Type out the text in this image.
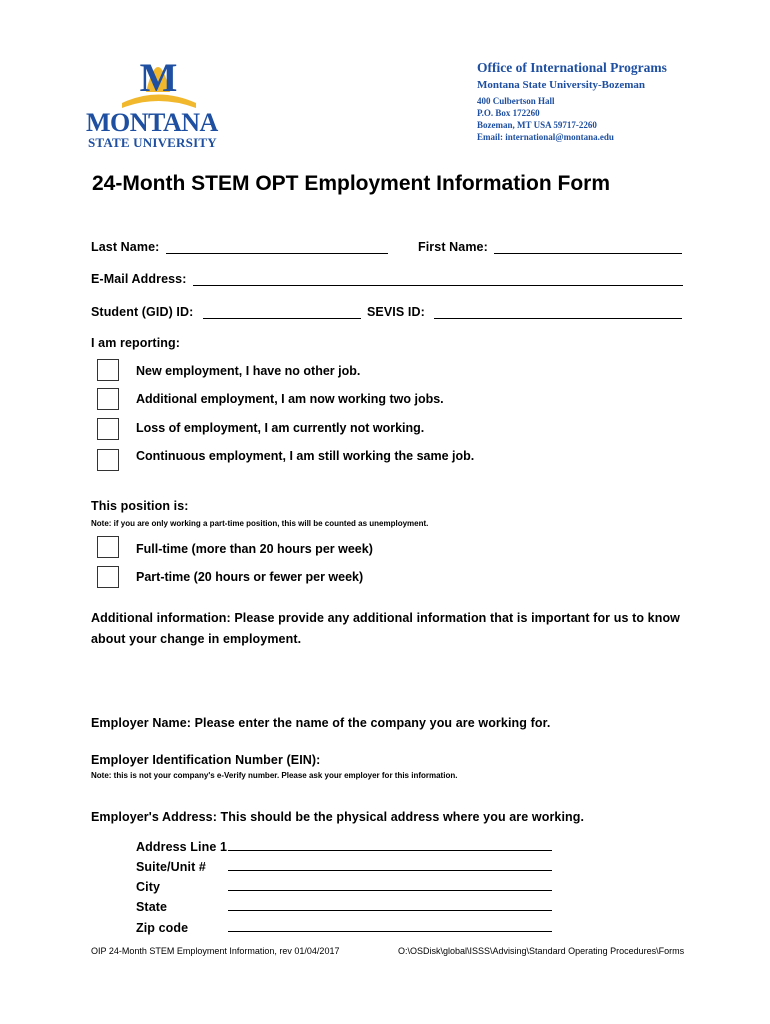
M
MONTANA
STATE UNIVERSITY
Office of International Programs
Montana State University-Bozeman
400 Culbertson Hall
P.O. Box 172260
Bozeman, MT USA 59717-2260
Email: international@montana.edu
24-Month STEM OPT Employment Information Form
Last Name:	First Name:
E-Mail Address:
Student (GID) ID:	SEVIS ID:
I am reporting:
New employment, I have no other job.
Additional employment, I am now working two jobs.
Loss of employment, I am currently not working.
Continuous employment, I am still working the same job.
This position is:
Note: if you are only working a part-time position, this will be counted as unemployment.
Full-time (more than 20 hours per week)
Part-time (20 hours or fewer per week)
Additional information: Please provide any additional information that is important for us to know
about your change in employment.
Employer Name: Please enter the name of the company you are working for.
Employer Identification Number (EIN):
Note: this is not your company's e-Verify number. Please ask your employer for this information.
Employer's Address: This should be the physical address where you are working.
Address Line 1
Suite/Unit #
City
State
Zip code
OIP 24-Month STEM Employment Information, rev 01/04/2017	O:\OSDisk\global\ISSS\Advising\Standard Operating Procedures\Forms
